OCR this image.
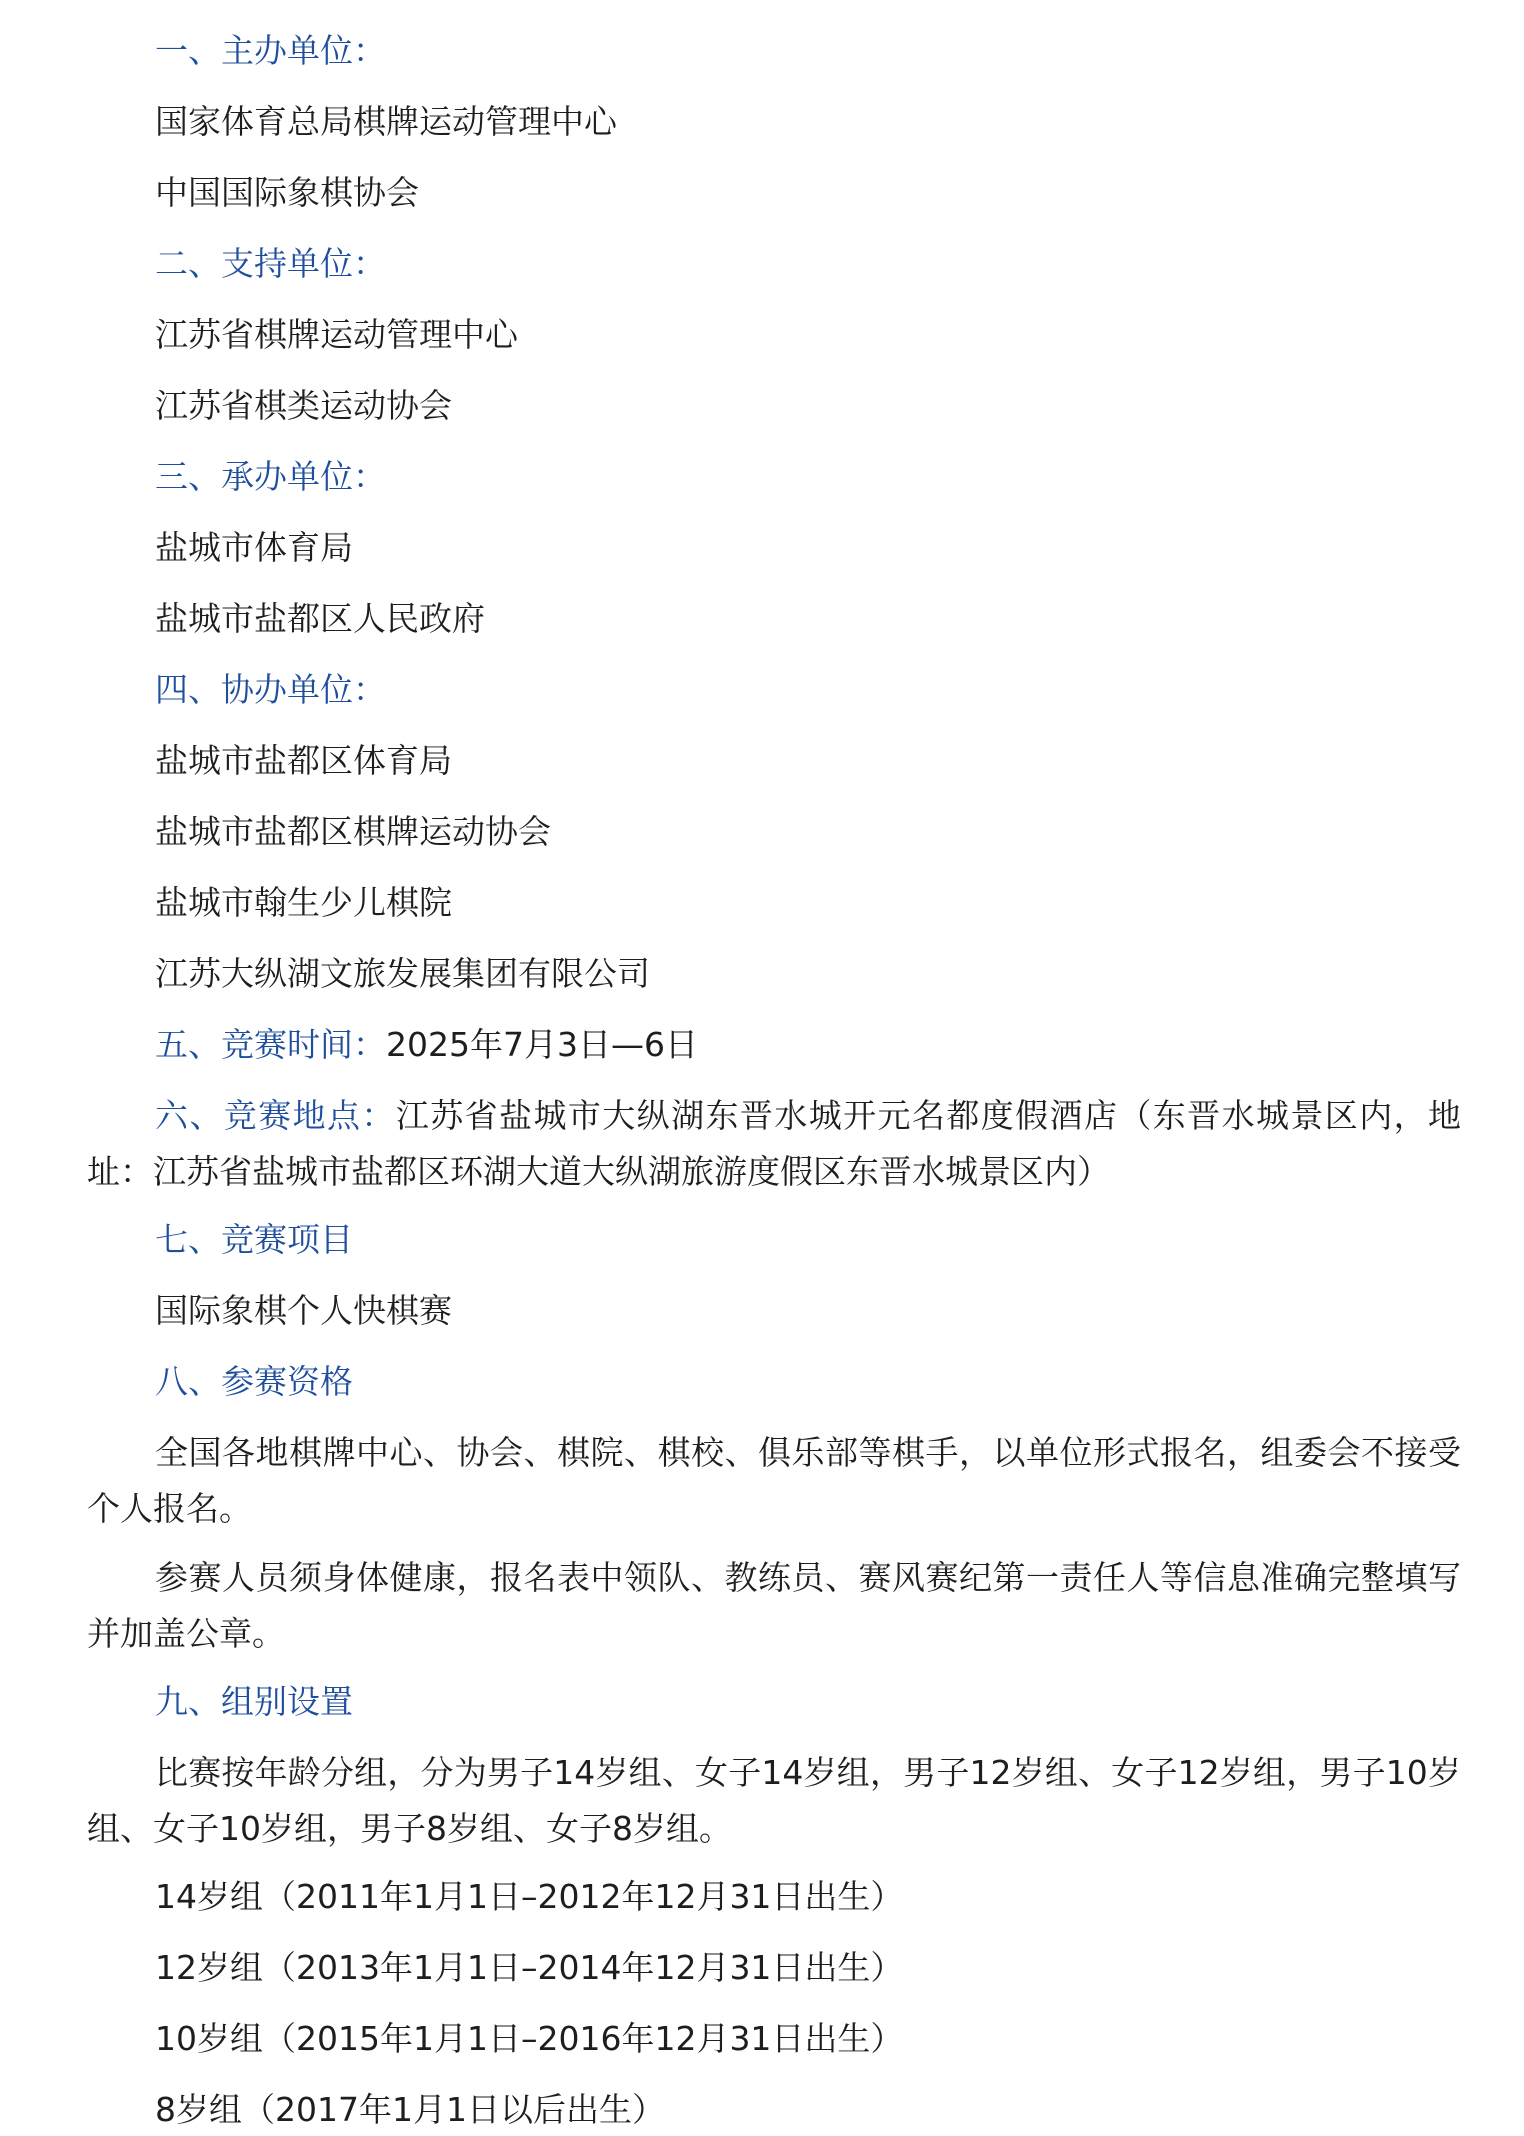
一、主办单位：
国家体育总局棋牌运动管理中心
中国国际象棋协会
二、支持单位：
江苏省棋牌运动管理中心
江苏省棋类运动协会
三、承办单位：
盐城市体育局
盐城市盐都区人民政府
四、协办单位：
盐城市盐都区体育局
盐城市盐都区棋牌运动协会
盐城市翰生少儿棋院
江苏大纵湖文旅发展集团有限公司
五、竞赛时间：2025年7月3日—6日
六、竞赛地点：江苏省盐城市大纵湖东晋水城开元名都度假酒店（东晋水城景区内，地址：江苏省盐城市盐都区环湖大道大纵湖旅游度假区东晋水城景区内）
七、竞赛项目
国际象棋个人快棋赛
八、参赛资格
全国各地棋牌中心、协会、棋院、棋校、俱乐部等棋手，以单位形式报名，组委会不接受个人报名。
参赛人员须身体健康，报名表中领队、教练员、赛风赛纪第一责任人等信息准确完整填写并加盖公章。
九、组别设置
比赛按年龄分组，分为男子14岁组、女子14岁组，男子12岁组、女子12岁组，男子10岁组、女子10岁组，男子8岁组、女子8岁组。
14岁组（2011年1月1日–2012年12月31日出生）
12岁组（2013年1月1日–2014年12月31日出生）
10岁组（2015年1月1日–2016年12月31日出生）
8岁组（2017年1月1日以后出生）
